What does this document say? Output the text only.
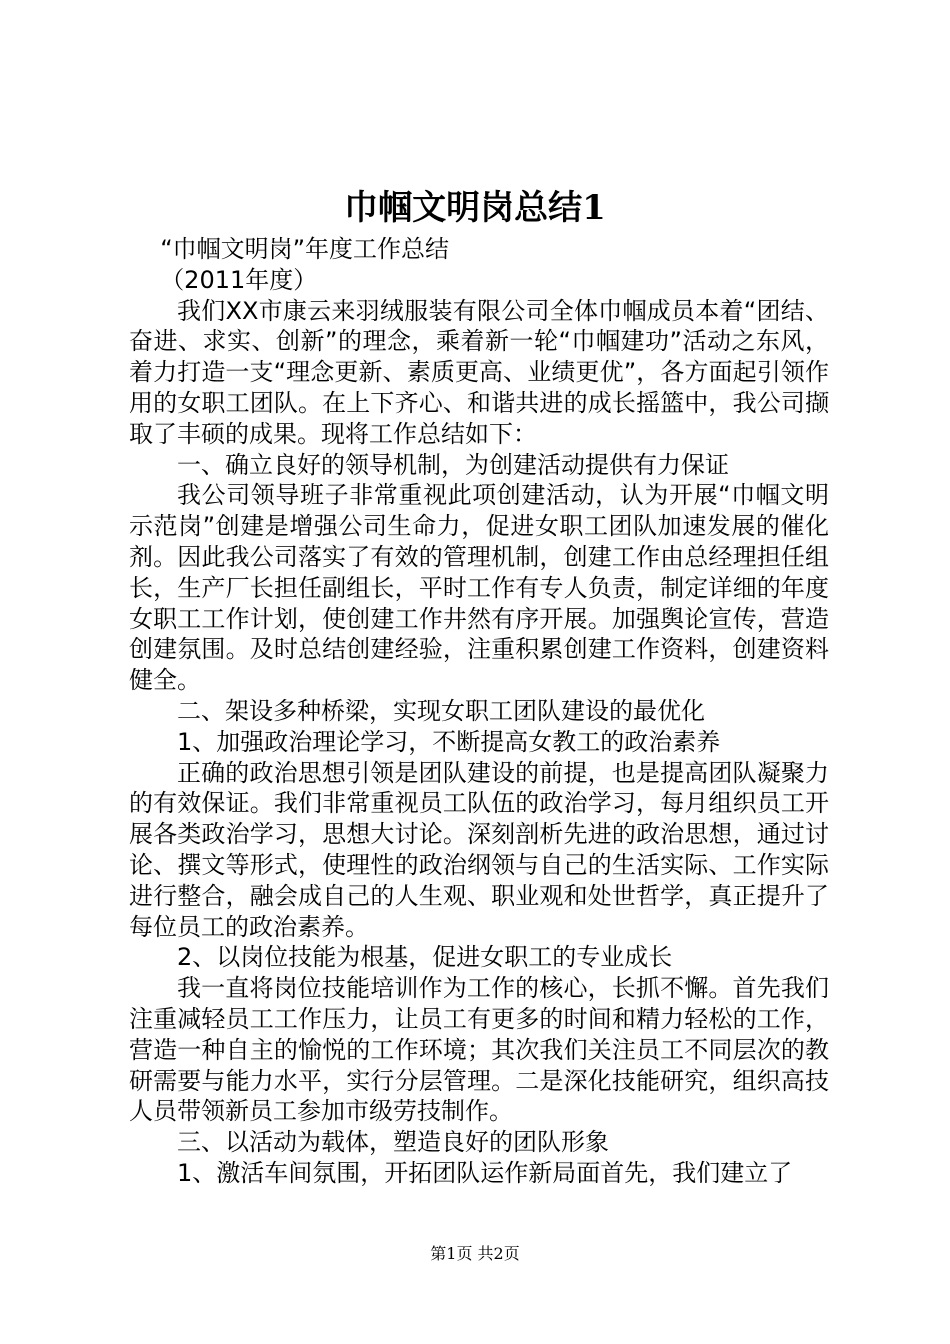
巾帼文明岗总结1

“巾帼文明岗”年度工作总结

（2011年度）

我们XX市康云来羽绒服装有限公司全体巾帼成员本着“团结、奋进、求实、创新”的理念，乘着新一轮“巾帼建功”活动之东风，着力打造一支“理念更新、素质更高、业绩更优”，各方面起引领作用的女职工团队。在上下齐心、和谐共进的成长摇篮中，我公司撷取了丰硕的成果。现将工作总结如下：

一、确立良好的领导机制，为创建活动提供有力保证

我公司领导班子非常重视此项创建活动，认为开展“巾帼文明示范岗”创建是增强公司生命力，促进女职工团队加速发展的催化剂。因此我公司落实了有效的管理机制，创建工作由总经理担任组长，生产厂长担任副组长，平时工作有专人负责，制定详细的年度女职工工作计划，使创建工作井然有序开展。加强舆论宣传，营造创建氛围。及时总结创建经验，注重积累创建工作资料，创建资料健全。

二、架设多种桥梁，实现女职工团队建设的最优化

1、加强政治理论学习，不断提高女教工的政治素养

正确的政治思想引领是团队建设的前提，也是提高团队凝聚力的有效保证。我们非常重视员工队伍的政治学习，每月组织员工开展各类政治学习，思想大讨论。深刻剖析先进的政治思想，通过讨论、撰文等形式，使理性的政治纲领与自己的生活实际、工作实际进行整合，融会成自己的人生观、职业观和处世哲学，真正提升了每位员工的政治素养。

2、以岗位技能为根基，促进女职工的专业成长

我一直将岗位技能培训作为工作的核心，长抓不懈。首先我们注重减轻员工工作压力，让员工有更多的时间和精力轻松的工作，营造一种自主的愉悦的工作环境；其次我们关注员工不同层次的教研需要与能力水平，实行分层管理。二是深化技能研究，组织高技人员带领新员工参加市级劳技制作。

三、以活动为载体，塑造良好的团队形象

1、激活车间氛围，开拓团队运作新局面首先，我们建立了

第1页 共2页
